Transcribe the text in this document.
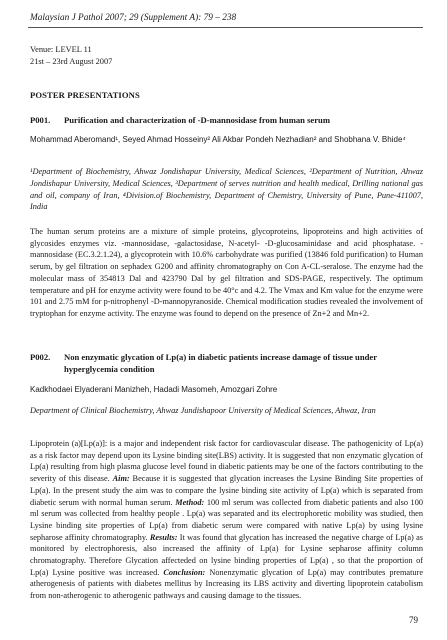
Malaysian J Pathol 2007; 29 (Supplement A): 79 – 238
Venue: LEVEL 11
21st – 23rd August 2007
POSTER PRESENTATIONS
P001.	Purification and characterization of -D-mannosidase from human serum
Mohammad Aberomand¹, Seyed Ahmad Hosseiny² Ali Akbar Pondeh Nezhadian² and Shobhana V. Bhide⁴
¹Department of Biochemistry, Ahwaz Jondishapur University, Medical Sciences, ²Department of Nutrition, Ahwaz Jondishapur University, Medical Sciences, ³Department of serves nutrition and health medical, Drilling national gas and oil, company of Iran, ⁴Division.of Biochemistry, Department of Chemistry, University of Pune, Pune-411007, India
The human serum proteins are a mixture of simple proteins, glycoproteins, lipoproteins and high activities of glycosides enzymes viz. -mannosidase, -galactosidase, N-acetyl- -D-glucosaminidase and acid phosphatase. -mannosidase (EC.3.2.1.24), a glycoprotein with 10.6% carbohydrate was purified (13846 fold purification) to Human serum, by gel filtration on sephadex G200 and affinity chromatography on Con A-CL-seralose. The enzyme had the molecular mass of 354813 Dal and 423790 Dal by gel filtration and SDS-PAGE, respectively. The optimum temperature and pH for enzyme activity were found to be 40°c and 4.2. The Vmax and Km value for the enzyme were 101 and 2.75 mM for p-nitrophenyl -D-mannopyranoside. Chemical modification studies revealed the involvement of tryptophan for enzyme activity. The enzyme was found to depend on the presence of Zn+2 and Mn+2.
P002.	Non enzymatic glycation of Lp(a) in diabetic patients increase damage of tissue under hyperglycemia condition
Kadkhodaei Elyaderani Manizheh, Hadadi Masomeh, Amozgari Zohre
Department of Clinical Biochemistry, Ahwaz Jundishapoor University of Medical Sciences, Ahwaz, Iran
Lipoprotein (a)[Lp(a)]: is a major and independent risk factor for cardiovascular disease. The pathogenicity of Lp(a) as a risk factor may depend upon its Lysine binding site(LBS) activity. It is suggested that non enzymatic glycation of Lp(a) resulting from high plasma glucose level found in diabetic patients may be one of the factors contributing to the severity of this disease. Aim: Because it is suggested that glycation increases the Lysine Binding Site properties of Lp(a). In the present study the aim was to compare the lysine binding site activity of Lp(a) which is separated from diabetic serum with normal human serum. Method: 100 ml serum was collected from diabetic patients and also 100 ml serum was collected from healthy people . Lp(a) was separated and its electrophoretic mobility was studied, then Lysine binding site properties of Lp(a) from diabetic serum were compared with native Lp(a) by using lysine sepharose affinity chromatography. Results: It was found that glycation has increased the negative charge of Lp(a) as monitored by electrophoresis, also increased the affinity of Lp(a) for Lysine sepharose affinity column chromatography. Therefore Glycation affecteded on lysine binding properties of Lp(a) , so that the proportion of Lp(a) Lysine positive was increased. Conclusion: Nonenzymatic glycation of Lp(a) may contributes premature atherogenesis of patients with diabetes mellitus by Increasing its LBS activity and diverting lipoprotein catabolism from non-atherogenic to atherogenic pathways and causing damage to the tissues.
79
